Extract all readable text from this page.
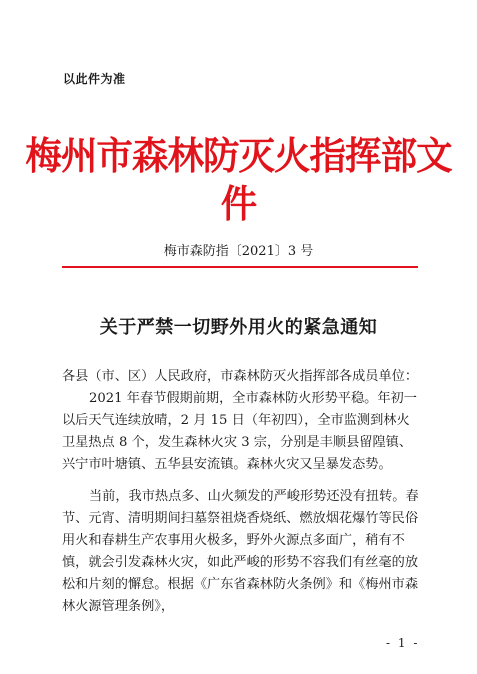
以此件为准
梅州市森林防灭火指挥部文件
梅市森防指〔2021〕3 号
关于严禁一切野外用火的紧急通知

各县（市、区）人民政府，市森林防灭火指挥部各成员单位：

2021 年春节假期前期，全市森林防火形势平稳。年初一以后天气连续放晴，2 月 15 日（年初四），全市监测到林火卫星热点 8 个，发生森林火灾 3 宗，分别是丰顺县留隍镇、兴宁市叶塘镇、五华县安流镇。森林火灾又呈暴发态势。

当前，我市热点多、山火频发的严峻形势还没有扭转。春节、元宵、清明期间扫墓祭祖烧香烧纸、燃放烟花爆竹等民俗用火和春耕生产农事用火极多，野外火源点多面广，稍有不慎，就会引发森林火灾，如此严峻的形势不容我们有丝毫的放松和片刻的懈怠。根据《广东省森林防火条例》和《梅州市森林火源管理条例》，

- 1 -
